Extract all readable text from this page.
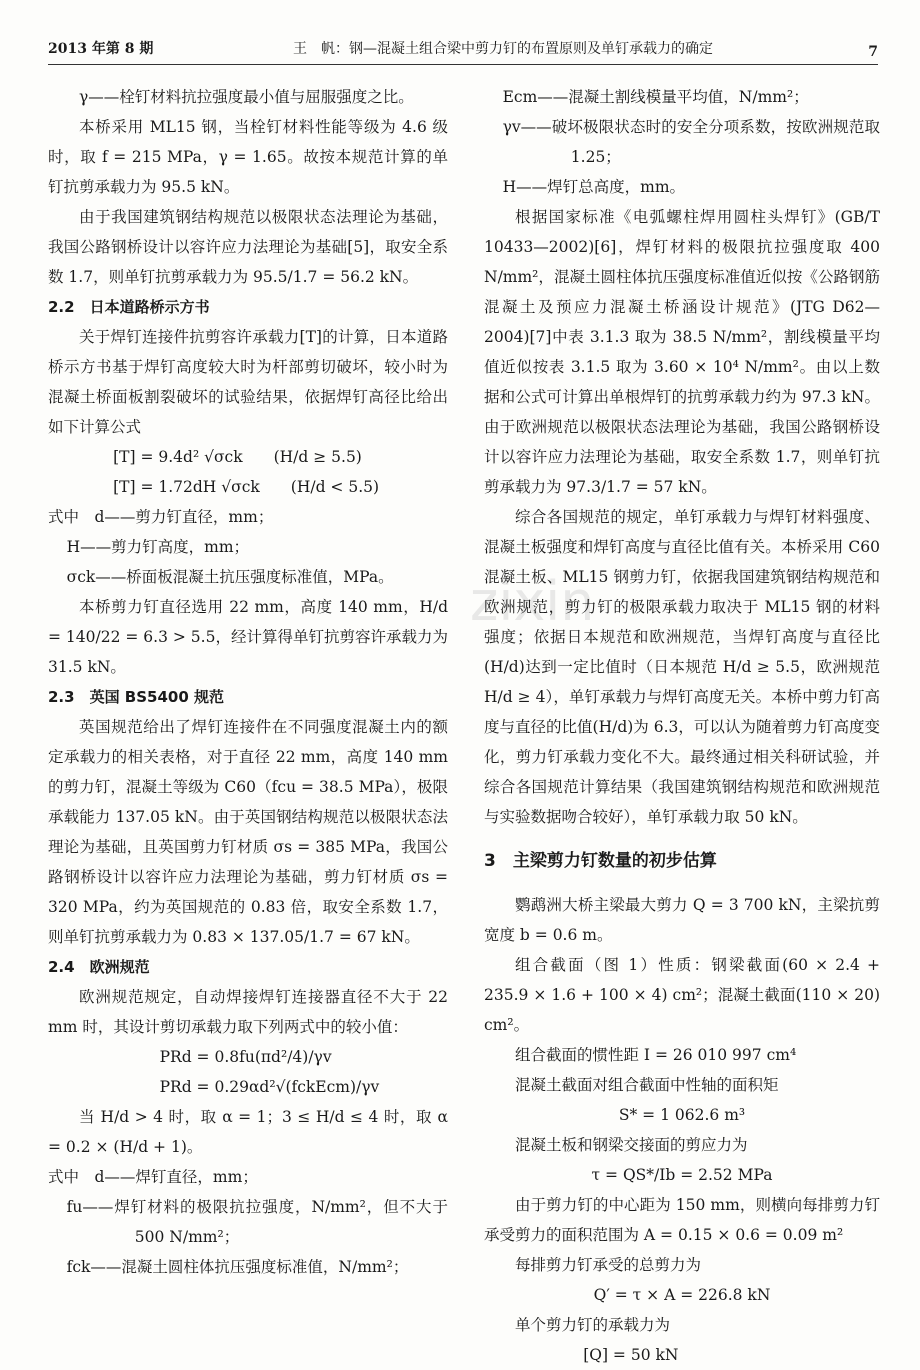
2013 年第 8 期	王　帆：钢—混凝土组合梁中剪力钉的布置原则及单钉承载力的确定	7
zixin

γ——栓钉材料抗拉强度最小值与屈服强度之比。

本桥采用 ML15 钢，当栓钉材料性能等级为 4.6 级时，取 f = 215 MPa，γ = 1.65。故按本规范计算的单钉抗剪承载力为 95.5 kN。

由于我国建筑钢结构规范以极限状态法理论为基础，我国公路钢桥设计以容许应力法理论为基础[5]，取安全系数 1.7，则单钉抗剪承载力为 95.5/1.7 = 56.2 kN。

2.2　日本道路桥示方书

关于焊钉连接件抗剪容许承载力[T]的计算，日本道路桥示方书基于焊钉高度较大时为杆部剪切破坏，较小时为混凝土桥面板割裂破坏的试验结果，依据焊钉高径比给出如下计算公式

[T] = 9.4d² √σck　　(H/d ≥ 5.5)

[T] = 1.72dH √σck　　(H/d < 5.5)

式中　d——剪力钉直径，mm；

H——剪力钉高度，mm；

σck——桥面板混凝土抗压强度标准值，MPa。

本桥剪力钉直径选用 22 mm，高度 140 mm，H/d = 140/22 = 6.3 > 5.5，经计算得单钉抗剪容许承载力为 31.5 kN。

2.3　英国 BS5400 规范

英国规范给出了焊钉连接件在不同强度混凝土内的额定承载力的相关表格，对于直径 22 mm，高度 140 mm 的剪力钉，混凝土等级为 C60（fcu = 38.5 MPa），极限承载能力 137.05 kN。由于英国钢结构规范以极限状态法理论为基础，且英国剪力钉材质 σs = 385 MPa，我国公路钢桥设计以容许应力法理论为基础，剪力钉材质 σs = 320 MPa，约为英国规范的 0.83 倍，取安全系数 1.7，则单钉抗剪承载力为 0.83 × 137.05/1.7 = 67 kN。

2.4　欧洲规范

欧洲规范规定，自动焊接焊钉连接器直径不大于 22 mm 时，其设计剪切承载力取下列两式中的较小值：

PRd = 0.8fu(πd²/4)/γv

PRd = 0.29αd²√(fckEcm)/γv

当 H/d > 4 时，取 α = 1；3 ≤ H/d ≤ 4 时，取 α = 0.2 × (H/d + 1)。

式中　d——焊钉直径，mm；

fu——焊钉材料的极限抗拉强度，N/mm²，但不大于 500 N/mm²；

fck——混凝土圆柱体抗压强度标准值，N/mm²；

Ecm——混凝土割线模量平均值，N/mm²；

γv——破坏极限状态时的安全分项系数，按欧洲规范取 1.25；

H——焊钉总高度，mm。

根据国家标准《电弧螺柱焊用圆柱头焊钉》(GB/T 10433—2002)[6]，焊钉材料的极限抗拉强度取 400 N/mm²，混凝土圆柱体抗压强度标准值近似按《公路钢筋混凝土及预应力混凝土桥涵设计规范》(JTG D62—2004)[7]中表 3.1.3 取为 38.5 N/mm²，割线模量平均值近似按表 3.1.5 取为 3.60 × 10⁴ N/mm²。由以上数据和公式可计算出单根焊钉的抗剪承载力约为 97.3 kN。由于欧洲规范以极限状态法理论为基础，我国公路钢桥设计以容许应力法理论为基础，取安全系数 1.7，则单钉抗剪承载力为 97.3/1.7 = 57 kN。

综合各国规范的规定，单钉承载力与焊钉材料强度、混凝土板强度和焊钉高度与直径比值有关。本桥采用 C60 混凝土板、ML15 钢剪力钉，依据我国建筑钢结构规范和欧洲规范，剪力钉的极限承载力取决于 ML15 钢的材料强度；依据日本规范和欧洲规范，当焊钉高度与直径比(H/d)达到一定比值时（日本规范 H/d ≥ 5.5，欧洲规范 H/d ≥ 4），单钉承载力与焊钉高度无关。本桥中剪力钉高度与直径的比值(H/d)为 6.3，可以认为随着剪力钉高度变化，剪力钉承载力变化不大。最终通过相关科研试验，并综合各国规范计算结果（我国建筑钢结构规范和欧洲规范与实验数据吻合较好），单钉承载力取 50 kN。

3　主梁剪力钉数量的初步估算

鹦鹉洲大桥主梁最大剪力 Q = 3 700 kN，主梁抗剪宽度 b = 0.6 m。

组合截面（图 1）性质：钢梁截面(60 × 2.4 + 235.9 × 1.6 + 100 × 4) cm²；混凝土截面(110 × 20) cm²。

组合截面的惯性距 I = 26 010 997 cm⁴

混凝土截面对组合截面中性轴的面积矩

S* = 1 062.6 m³

混凝土板和钢梁交接面的剪应力为

τ = QS*/Ib = 2.52 MPa

由于剪力钉的中心距为 150 mm，则横向每排剪力钉承受剪力的面积范围为 A = 0.15 × 0.6 = 0.09 m²

每排剪力钉承受的总剪力为

Q′ = τ × A = 226.8 kN

单个剪力钉的承载力为

[Q] = 50 kN
